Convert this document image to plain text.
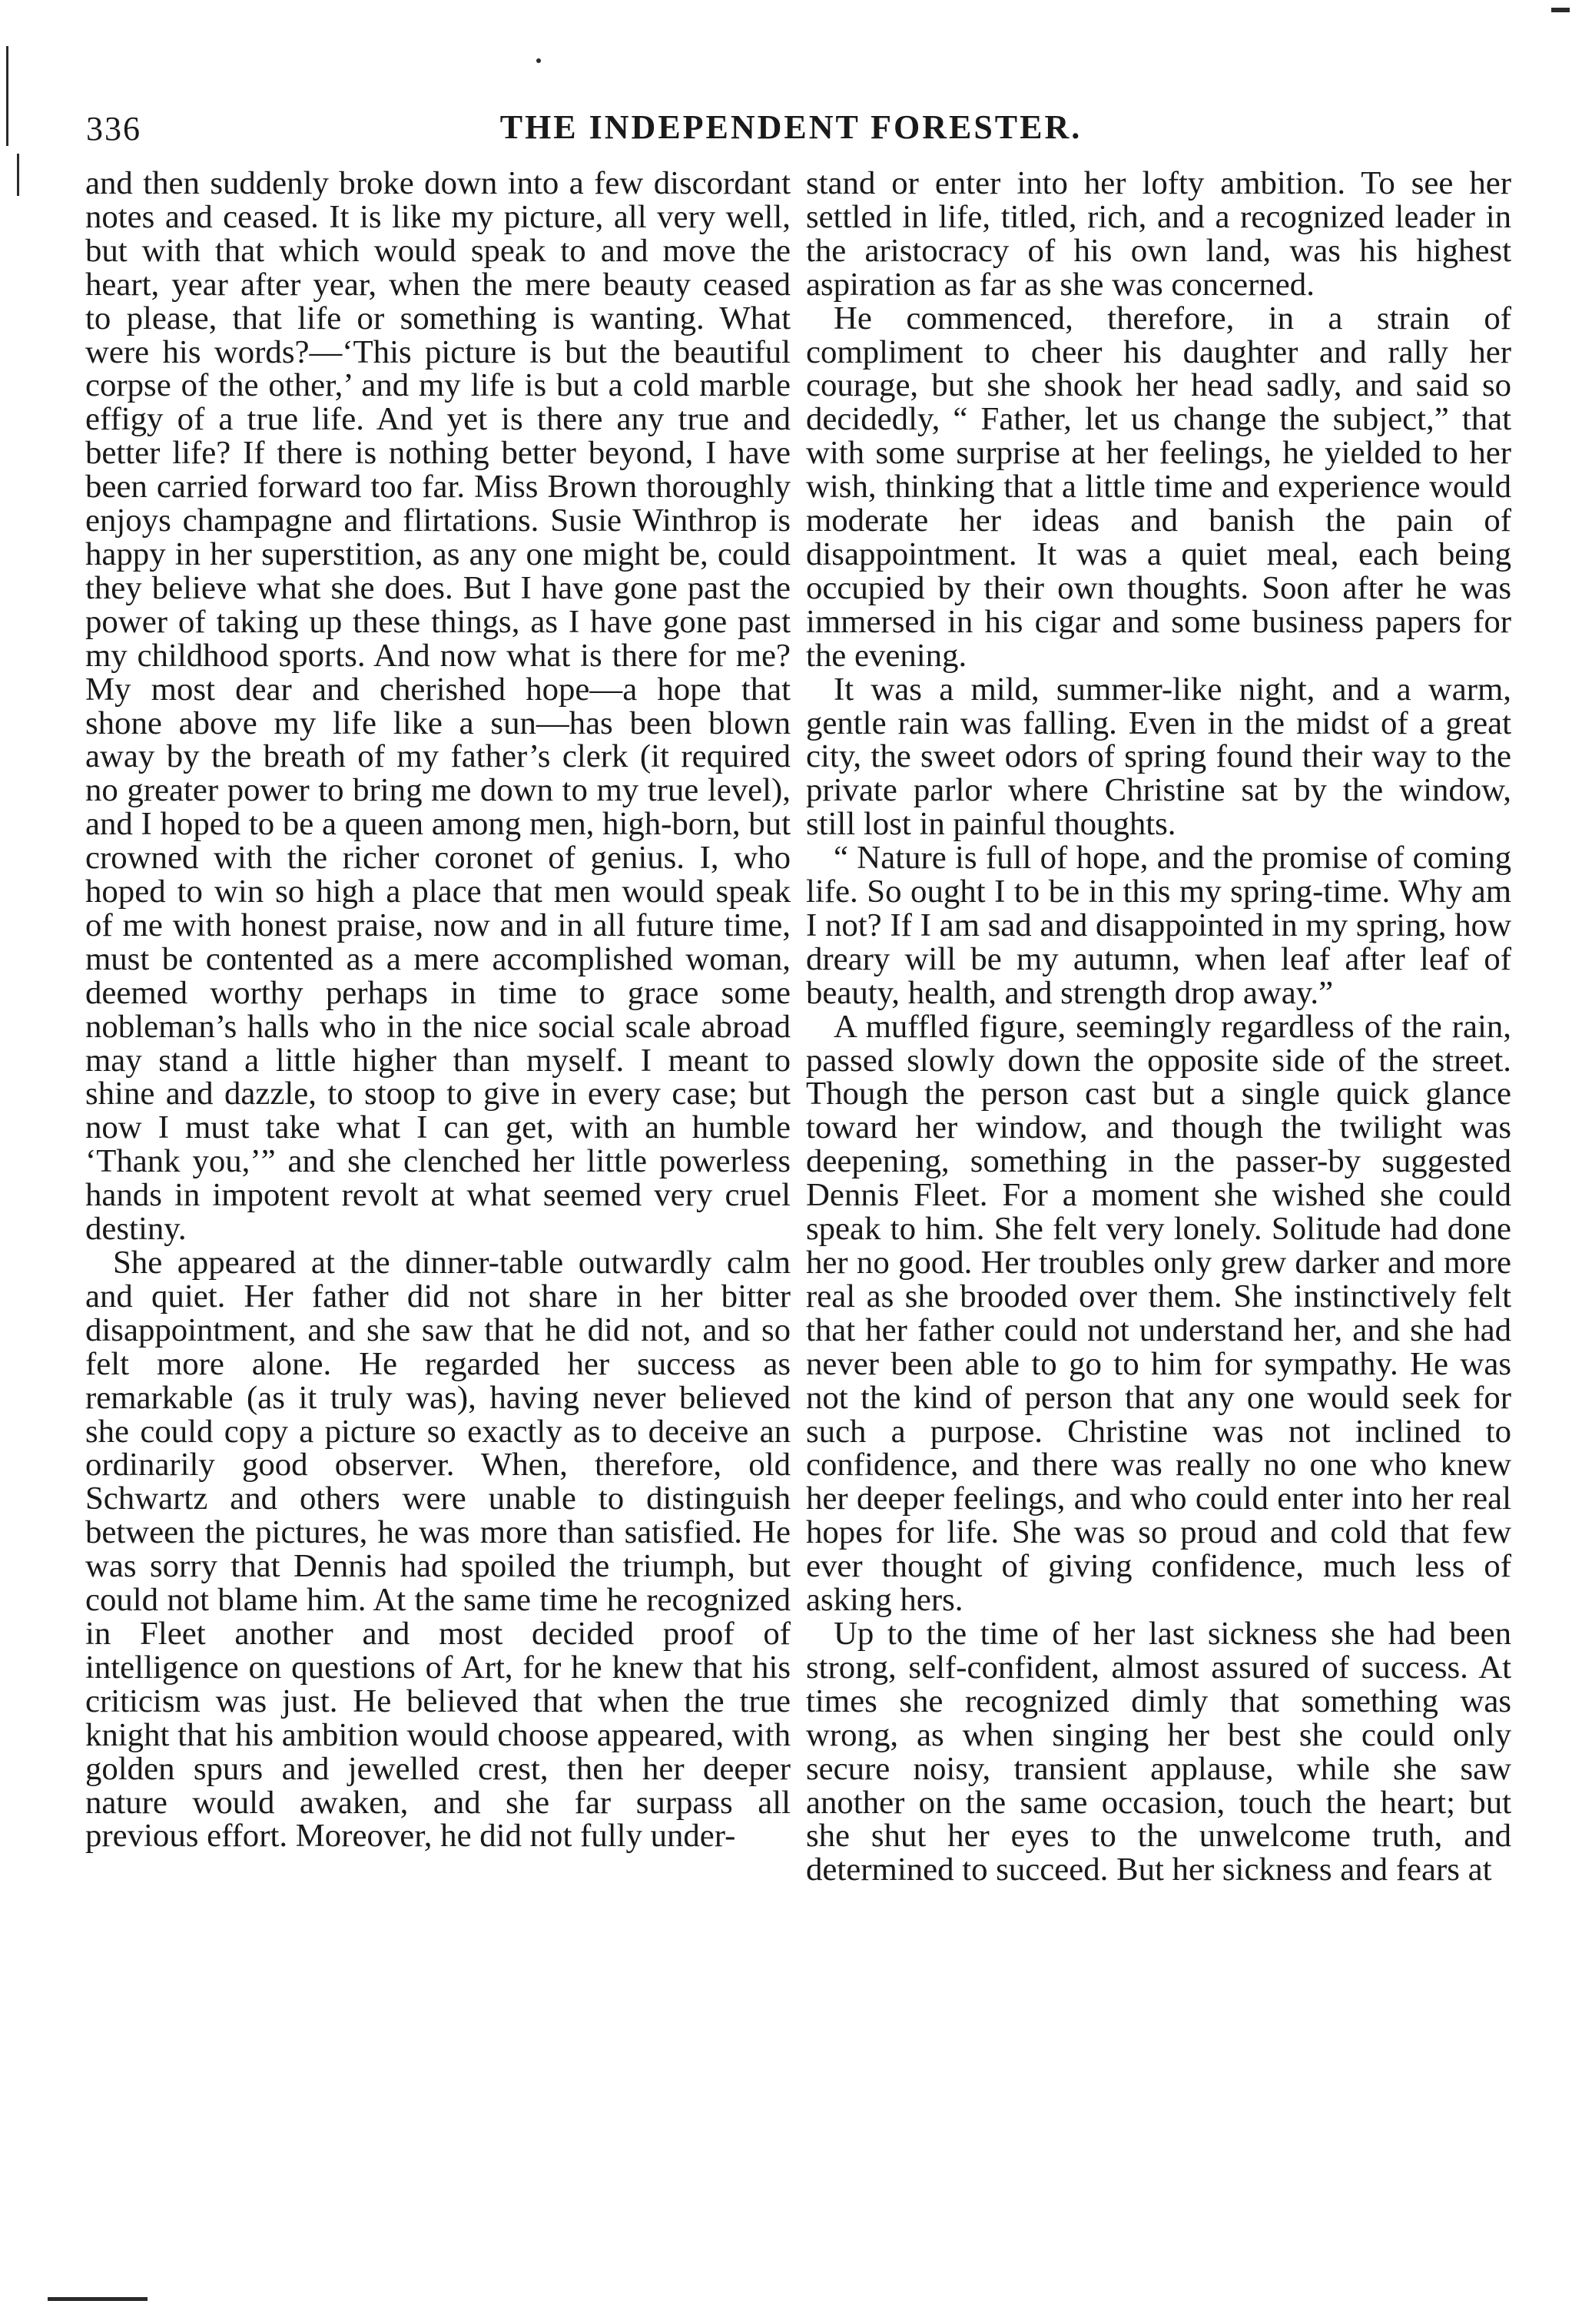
336	THE INDEPENDENT FORESTER.

and then suddenly broke down into a few discordant notes and ceased. It is like my picture, all very well, but with that which would speak to and move the heart, year after year, when the mere beauty ceased to please, that life or something is wanting. What were his words?—‘This picture is but the beautiful corpse of the other,’ and my life is but a cold marble effigy of a true life. And yet is there any true and better life? If there is nothing better beyond, I have been carried forward too far. Miss Brown thoroughly enjoys champagne and flirtations. Susie Winthrop is happy in her superstition, as any one might be, could they believe what she does. But I have gone past the power of taking up these things, as I have gone past my childhood sports. And now what is there for me? My most dear and cherished hope—a hope that shone above my life like a sun—has been blown away by the breath of my father’s clerk (it required no greater power to bring me down to my true level), and I hoped to be a queen among men, high-born, but crowned with the richer coronet of genius. I, who hoped to win so high a place that men would speak of me with honest praise, now and in all future time, must be contented as a mere accomplished woman, deemed worthy perhaps in time to grace some nobleman’s halls who in the nice social scale abroad may stand a little higher than myself. I meant to shine and dazzle, to stoop to give in every case; but now I must take what I can get, with an humble ‘Thank you,’” and she clenched her little powerless hands in impotent revolt at what seemed very cruel destiny.

She appeared at the dinner-table outwardly calm and quiet. Her father did not share in her bitter disappointment, and she saw that he did not, and so felt more alone. He regarded her success as remarkable (as it truly was), having never believed she could copy a picture so exactly as to deceive an ordinarily good observer. When, therefore, old Schwartz and others were unable to distinguish between the pictures, he was more than satisfied. He was sorry that Dennis had spoiled the triumph, but could not blame him. At the same time he recognized in Fleet another and most decided proof of intelligence on questions of Art, for he knew that his criticism was just. He believed that when the true knight that his ambition would choose appeared, with golden spurs and jewelled crest, then her deeper nature would awaken, and she far surpass all previous effort. Moreover, he did not fully under-

stand or enter into her lofty ambition. To see her settled in life, titled, rich, and a recognized leader in the aristocracy of his own land, was his highest aspiration as far as she was concerned.

He commenced, therefore, in a strain of compliment to cheer his daughter and rally her courage, but she shook her head sadly, and said so decidedly, “ Father, let us change the subject,” that with some surprise at her feelings, he yielded to her wish, thinking that a little time and experience would moderate her ideas and banish the pain of disappointment. It was a quiet meal, each being occupied by their own thoughts. Soon after he was immersed in his cigar and some business papers for the evening.

It was a mild, summer-like night, and a warm, gentle rain was falling. Even in the midst of a great city, the sweet odors of spring found their way to the private parlor where Christine sat by the window, still lost in painful thoughts.

“ Nature is full of hope, and the promise of coming life. So ought I to be in this my spring-time. Why am I not? If I am sad and disappointed in my spring, how dreary will be my autumn, when leaf after leaf of beauty, health, and strength drop away.”

A muffled figure, seemingly regardless of the rain, passed slowly down the opposite side of the street. Though the person cast but a single quick glance toward her window, and though the twilight was deepening, something in the passer-by suggested Dennis Fleet. For a moment she wished she could speak to him. She felt very lonely. Solitude had done her no good. Her troubles only grew darker and more real as she brooded over them. She instinctively felt that her father could not understand her, and she had never been able to go to him for sympathy. He was not the kind of person that any one would seek for such a purpose. Christine was not inclined to confidence, and there was really no one who knew her deeper feelings, and who could enter into her real hopes for life. She was so proud and cold that few ever thought of giving confidence, much less of asking hers.

Up to the time of her last sickness she had been strong, self-confident, almost assured of success. At times she recognized dimly that something was wrong, as when singing her best she could only secure noisy, transient applause, while she saw another on the same occasion, touch the heart; but she shut her eyes to the unwelcome truth, and determined to succeed. But her sickness and fears at
